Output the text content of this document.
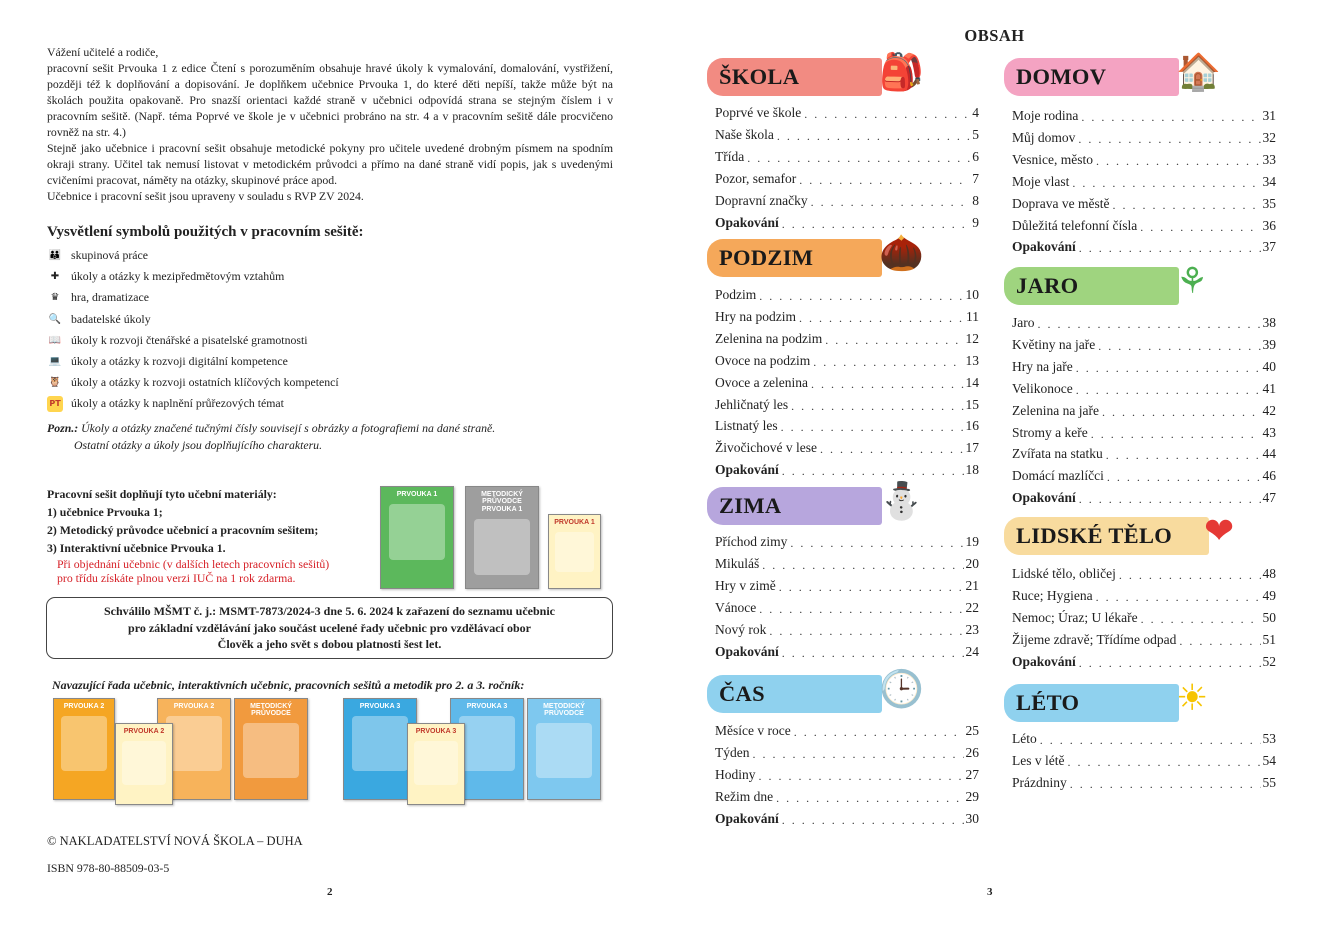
Vážení učitelé a rodiče,

pracovní sešit Prvouka 1 z edice Čtení s porozuměním obsahuje hravé úkoly k vymalování, domalování, vystřižení, později též k doplňování a dopisování. Je doplňkem učebnice Prvouka 1, do které děti nepíší, takže může být na školách použita opakovaně. Pro snazší orientaci každé straně v učebnici odpovídá strana se stejným číslem i v pracovním sešitě. (Např. téma Poprvé ve škole je v učebnici probráno na str. 4 a v pracovním sešitě dále procvičeno rovněž na str. 4.)

Stejně jako učebnice i pracovní sešit obsahuje metodické pokyny pro učitele uvedené drobným písmem na spodním okraji strany. Učitel tak nemusí listovat v metodickém průvodci a přímo na dané straně vidí popis, jak s uvedenými cvičeními pracovat, náměty na otázky, skupinové práce apod.

Učebnice i pracovní sešit jsou upraveny v souladu s RVP ZV 2024.

Vysvětlení symbolů použitých v pracovním sešitě:
👪 skupinová práce
✚	úkoly a otázky k mezipředmětovým vztahům
♛ hra, dramatizace
🔍 badatelské úkoly
📖 úkoly k rozvoji čtenářské a pisatelské gramotnosti
💻 úkoly a otázky k rozvoji digitální kompetence
🦉 úkoly a otázky k rozvoji ostatních klíčových kompetencí
PT úkoly a otázky k naplnění průřezových témat
Pozn.: Úkoly a otázky značené tučnými čísly souvisejí s obrázky a fotografiemi na dané straně.
Ostatní otázky a úkoly jsou doplňujícího charakteru.
Pracovní sešit doplňují tyto učební materiály:
1) učebnice Prvouka 1;
2) Metodický průvodce učebnicí a pracovním sešitem;
3) Interaktivní učebnice Prvouka 1.
Při objednání učebnic (v dalších letech pracovních sešitů)
pro třídu získáte plnou verzi IUČ na 1 rok zdarma.
PRVOUKA 1	METODICKÝ PRŮVODCE
PRVOUKA 1
PRVOUKA 1
Schválilo MŠMT č. j.: MSMT-7873/2024-3 dne 5. 6. 2024 k zařazení do seznamu učebnic
pro základní vzdělávání jako součást ucelené řady učebnic pro vzdělávací obor
Člověk a jeho svět s dobou platnosti šest let.
Navazující řada učebnic, interaktivních učebnic, pracovních sešitů a metodik pro 2. a 3. ročník:
PRVOUKA 2	PRVOUKA 2
PRVOUKA 2
METODICKÝ PRŮVODCE
PRVOUKA 3	PRVOUKA 3
PRVOUKA 3
METODICKÝ PRŮVODCE
© NAKLADATELSTVÍ NOVÁ ŠKOLA – DUHA
ISBN 978-80-88509-03-5
2
OBSAH
ŠKOLA	🎒
Poprvé ve škole . . .	4
Naše škola . . .	5
Třída . . .	6
Pozor, semafor . . .	7
Dopravní značky . . .	8
Opakování . . .	9
PODZIM	🌰
Podzim . . .	10
Hry na podzim . . .	11
Zelenina na podzim . . .	12
Ovoce na podzim . . .	13
Ovoce a zelenina . . .	14
Jehličnatý les . . .	15
Listnatý les . . .	16
Živočichové v lese . . .	17
Opakování . . .	18
ZIMA	⛄
Příchod zimy . . .	19
Mikuláš . . .	20
Hry v zimě . . .	21
Vánoce . . .	22
Nový rok . . .	23
Opakování . . .	24
ČAS	🕒
Měsíce v roce . . .	25
Týden . . .	26
Hodiny . . .	27
Režim dne . . .	29
Opakování . . .	30
DOMOV	🏠
Moje rodina . . .	31
Můj domov . . .	32
Vesnice, město . . .	33
Moje vlast . . .	34
Doprava ve městě . . .	35
Důležitá telefonní čísla . . .	36
Opakování . . .	37
JARO	⚘
Jaro . . .	38
Květiny na jaře . . .	39
Hry na jaře . . .	40
Velikonoce . . .	41
Zelenina na jaře . . .	42
Stromy a keře . . .	43
Zvířata na statku . . .	44
Domácí mazlíčci . . .	46
Opakování . . .	47
LIDSKÉ TĚLO ❤
Lidské tělo, obličej . . .	48
Ruce; Hygiena . . .	49
Nemoc; Úraz; U lékaře . . .	50
Žijeme zdravě; Třídíme odpad . . .	51
Opakování . . .	52
LÉTO	☀
Léto . . .	53
Les v létě . . .	54
Prázdniny . . .	55
3
